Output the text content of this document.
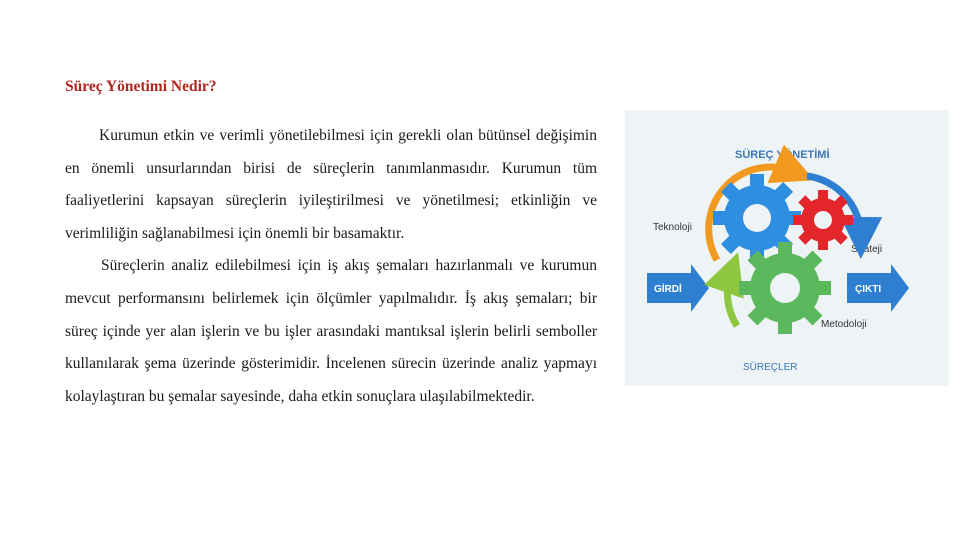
Süreç Yönetimi Nedir?

Kurumun etkin ve verimli yönetilebilmesi için gerekli olan bütünsel değişimin en önemli unsurlarından birisi de süreçlerin tanımlanmasıdır. Kurumun tüm faaliyetlerini kapsayan süreçlerin iyileştirilmesi ve yönetilmesi; etkinliğin ve verimliliğin sağlanabilmesi için önemli bir basamaktır.

Süreçlerin analiz edilebilmesi için iş akış şemaları hazırlanmalı ve kurumun mevcut performansını belirlemek için ölçümler yapılmalıdır. İş akış şemaları; bir süreç içinde yer alan işlerin ve bu işler arasındaki mantıksal işlerin belirli semboller kullanılarak şema üzerinde gösterimidir. İncelenen sürecin üzerinde analiz yapmayı kolaylaştıran bu şemalar sayesinde, daha etkin sonuçlara ulaşılabilmektedir.

SÜREÇ YÖNETİMİ
Teknoloji
Strateji
Metodoloji
SÜREÇLER
GİRDİ	ÇIKTI
